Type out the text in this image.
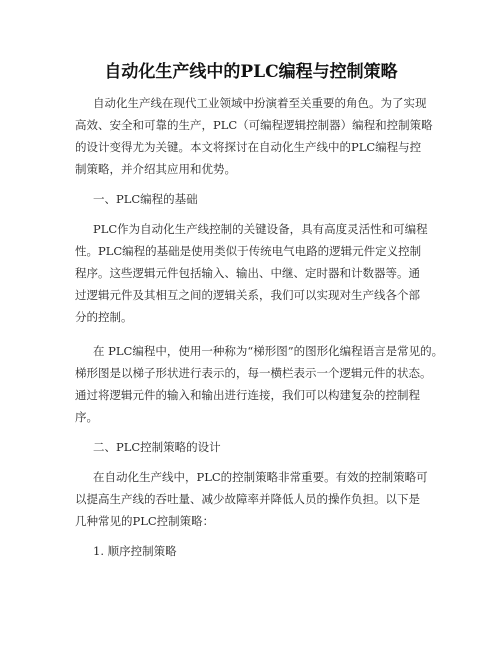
自动化生产线中的PLC编程与控制策略
自动化生产线在现代工业领域中扮演着至关重要的角色。为了实现
高效、安全和可靠的生产，PLC（可编程逻辑控制器）编程和控制策略
的设计变得尤为关键。本文将探讨在自动化生产线中的PLC编程与控
制策略，并介绍其应用和优势。
一、PLC编程的基础
PLC作为自动化生产线控制的关键设备，具有高度灵活性和可编程
性。PLC编程的基础是使用类似于传统电气电路的逻辑元件定义控制
程序。这些逻辑元件包括输入、输出、中继、定时器和计数器等。通
过逻辑元件及其相互之间的逻辑关系，我们可以实现对生产线各个部
分的控制。
在 PLC编程中，使用一种称为“梯形图”的图形化编程语言是常见的。
梯形图是以梯子形状进行表示的，每一横栏表示一个逻辑元件的状态。
通过将逻辑元件的输入和输出进行连接，我们可以构建复杂的控制程
序。
二、PLC控制策略的设计
在自动化生产线中，PLC的控制策略非常重要。有效的控制策略可
以提高生产线的吞吐量、减少故障率并降低人员的操作负担。以下是
几种常见的PLC控制策略：
1. 顺序控制策略
